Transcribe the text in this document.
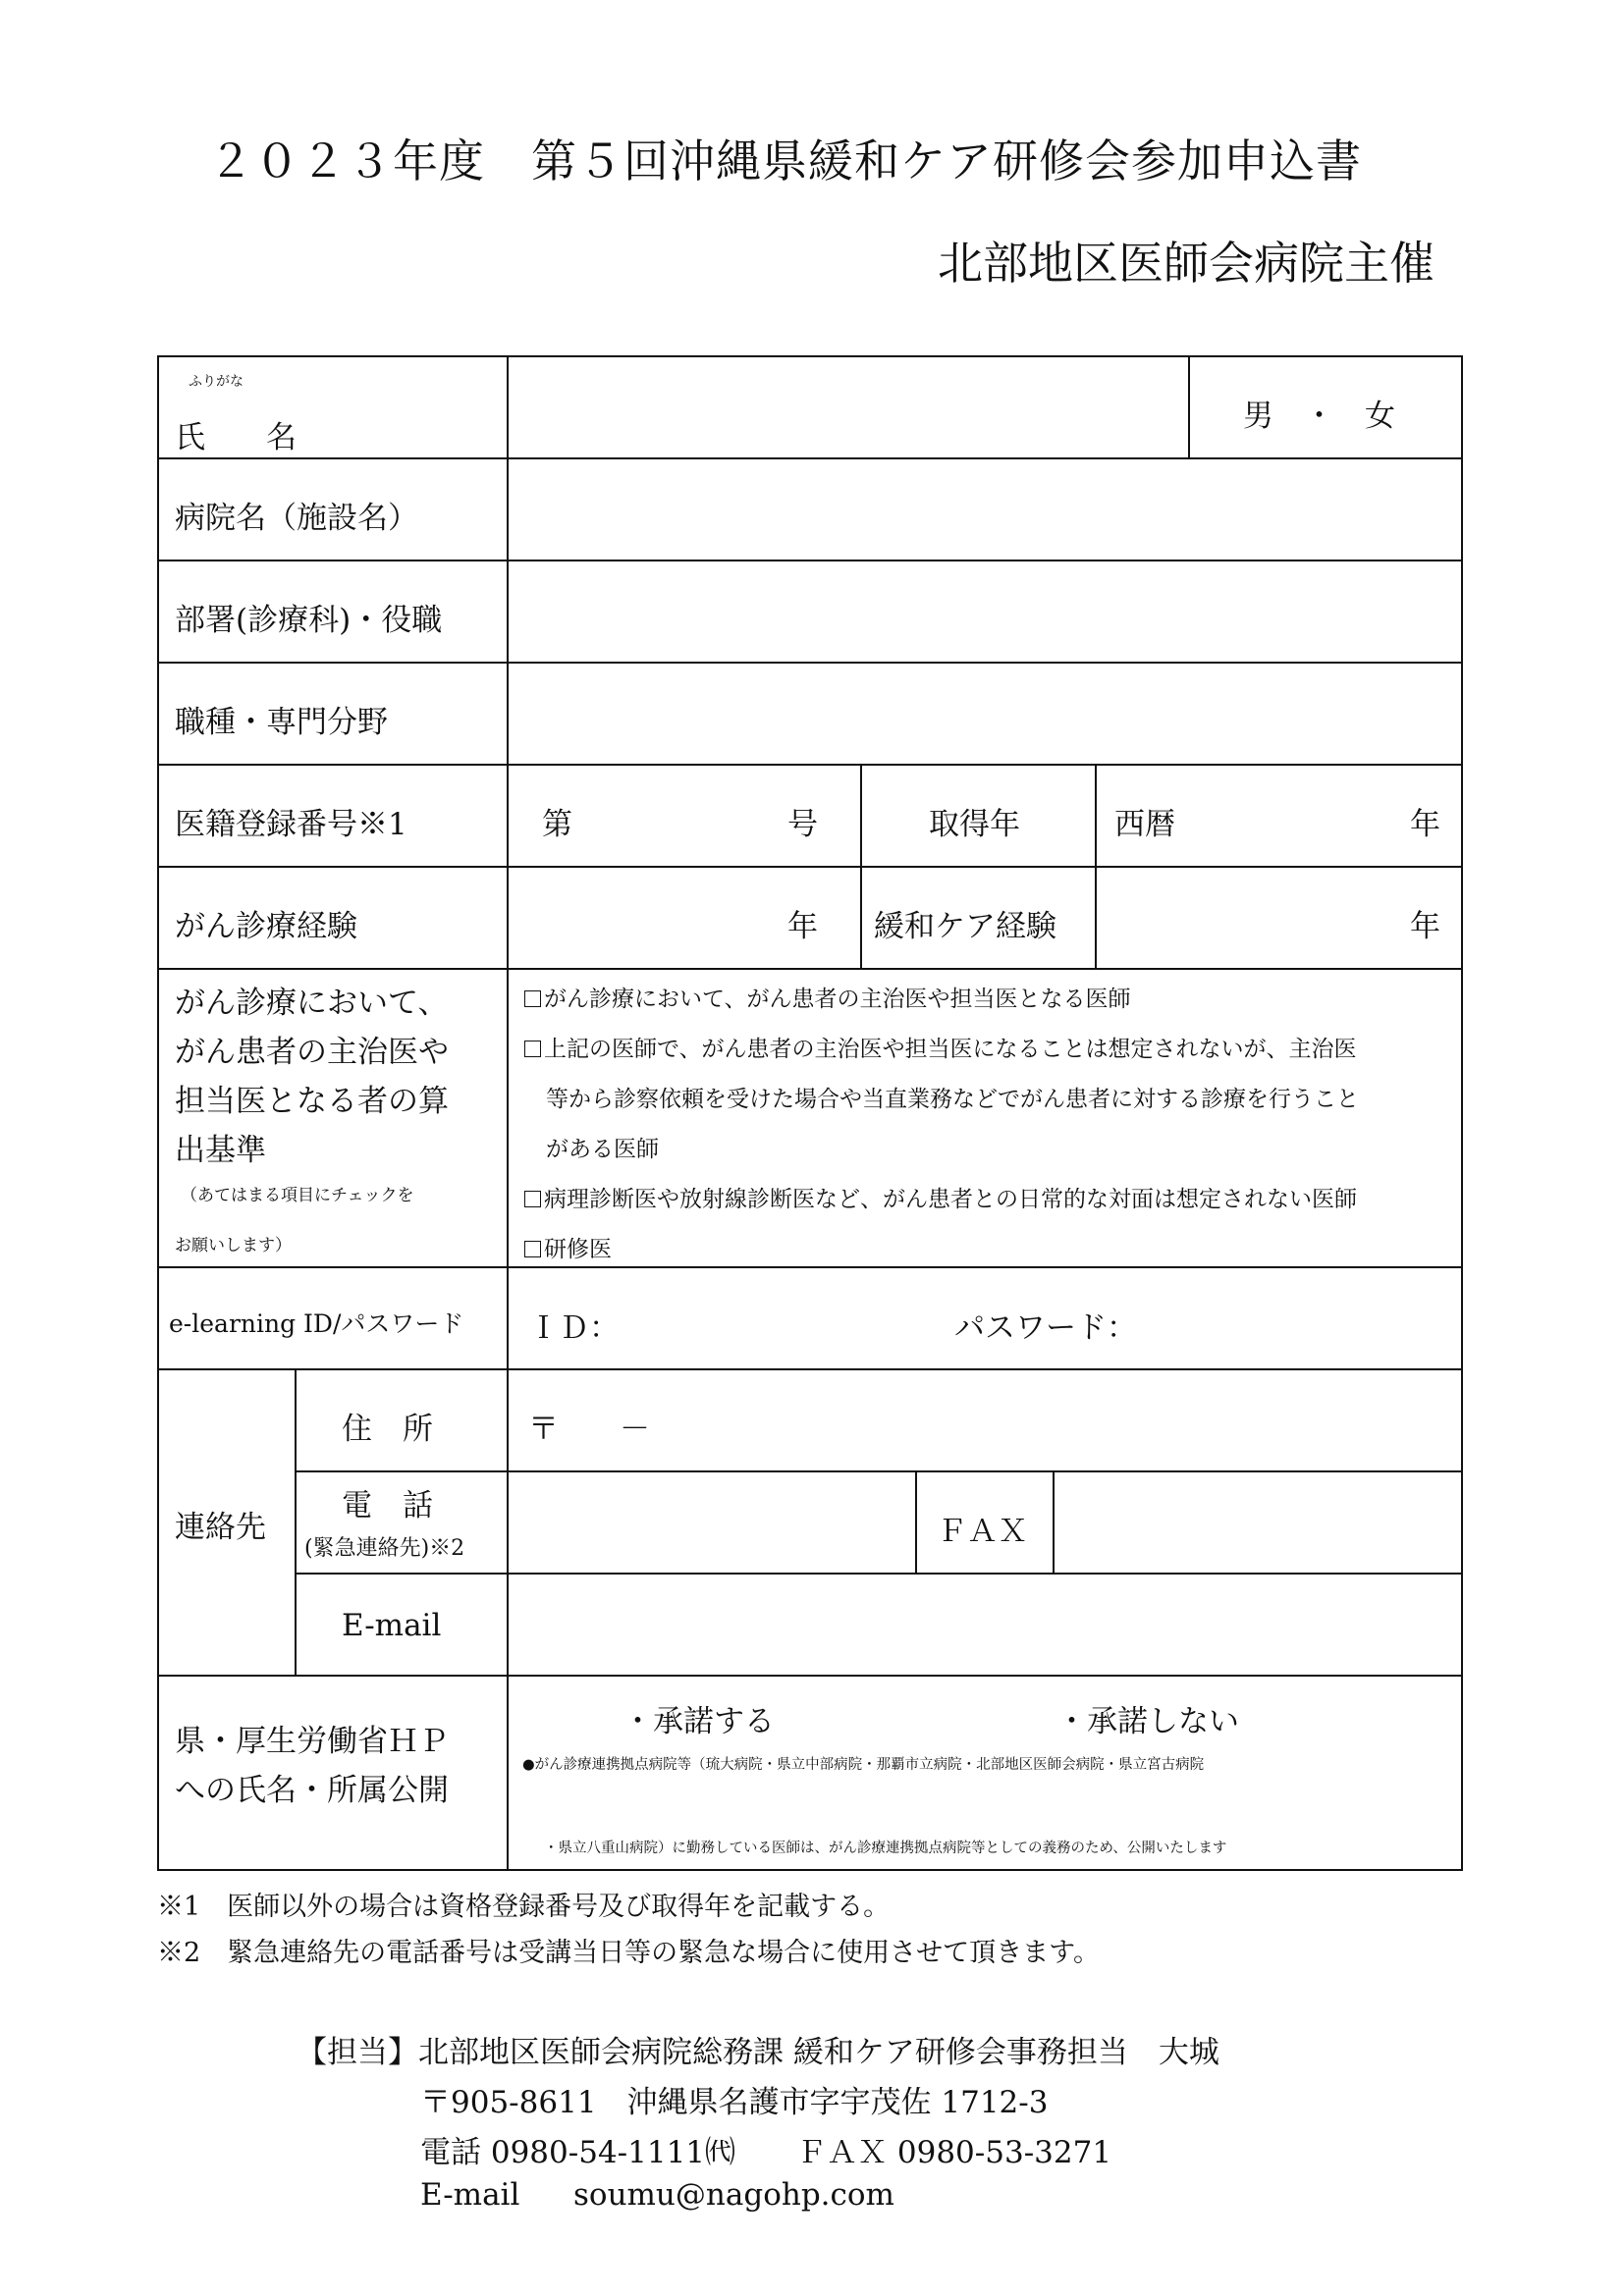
２０２３年度　第５回沖縄県緩和ケア研修会参加申込書
北部地区医師会病院主催
ふりがな
氏　　名
男　・　女
病院名（施設名）
部署(診療科)・役職
職種・専門分野
医籍登録番号※1	第	号	取得年	西暦	年
がん診療経験	年 緩和ケア経験	年
がん診療において、
がん患者の主治医や
担当医となる者の算
出基準
（あてはまる項目にチェックを
お願いします）
がん診療において、がん患者の主治医や担当医となる医師
上記の医師で、がん患者の主治医や担当医になることは想定されないが、主治医
等から診察依頼を受けた場合や当直業務などでがん患者に対する診療を行うこと
がある医師
病理診断医や放射線診断医など、がん患者との日常的な対面は想定されない医師
研修医
e-learning ID/パスワード ＩＤ：	パスワード：
連絡先
住　所	〒　　－
電　話
(緊急連絡先)※2	ＦＡＸ
E-mail
県・厚生労働省ＨＰ
への氏名・所属公開
・承諾する	・承諾しない
●がん診療連携拠点病院等（琉大病院・県立中部病院・那覇市立病院・北部地区医師会病院・県立宮古病院
・県立八重山病院）に勤務している医師は、がん診療連携拠点病院等としての義務のため、公開いたします
※1　医師以外の場合は資格登録番号及び取得年を記載する。
※2　緊急連絡先の電話番号は受講当日等の緊急な場合に使用させて頂きます。
【担当】北部地区医師会病院総務課 緩和ケア研修会事務担当　大城
〒905-8611　沖縄県名護市字宇茂佐 1712-3
電話 0980-54-1111㈹　　ＦＡＸ 0980-53-3271
E-mail soumu@nagohp.com
